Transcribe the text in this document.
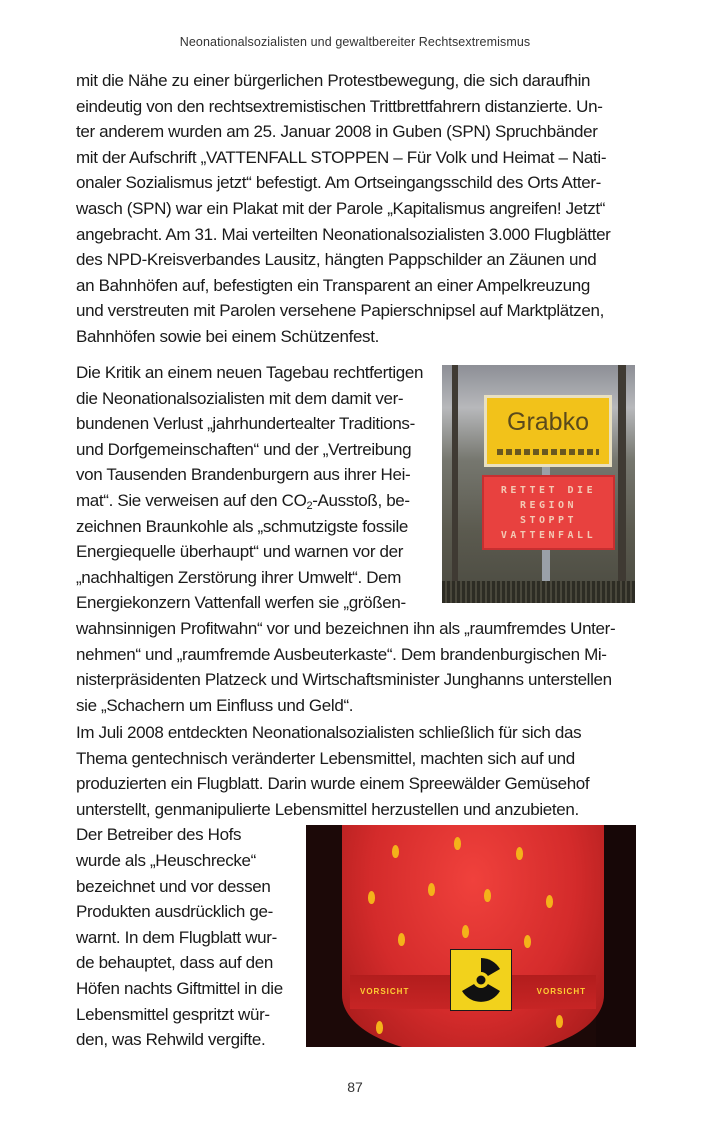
Neonationalsozialisten und gewaltbereiter Rechtsextremismus
mit die Nähe zu einer bürgerlichen Protestbewegung, die sich daraufhin
eindeutig von den rechtsextremistischen Trittbrettfahrern distanzierte. Un-
ter anderem wurden am 25. Januar 2008 in Guben (SPN) Spruchbänder
mit der Aufschrift „VATTENFALL STOPPEN – Für Volk und Heimat – Nati-
onaler Sozialismus jetzt“ befestigt. Am Ortseingangsschild des Orts Atter-
wasch (SPN) war ein Plakat mit der Parole „Kapitalismus angreifen! Jetzt“
angebracht. Am 31. Mai verteilten Neonationalsozialisten 3.000 Flugblätter
des NPD-Kreisverbandes Lausitz, hängten Pappschilder an Zäunen und
an Bahnhöfen auf, befestigten ein Transparent an einer Ampelkreuzung
und verstreuten mit Parolen versehene Papierschnipsel auf Marktplätzen,
Bahnhöfen sowie bei einem Schützenfest.
Die Kritik an einem neuen Tagebau rechtfertigen
die Neonationalsozialisten mit dem damit ver-
bundenen Verlust „jahrhundertealter Traditions-
und Dorfgemeinschaften“ und der „Vertreibung
von Tausenden Brandenburgern aus ihrer Hei-
mat“. Sie verweisen auf den $CO_2$-Ausstoß, be-
zeichnen Braunkohle als „schmutzigste fossile
Energiequelle überhaupt“ und warnen vor der
„nachhaltigen Zerstörung ihrer Umwelt“. Dem
Energiekonzern Vattenfall werfen sie „größen-
wahnsinnigen Profitwahn“ vor und bezeichnen ihn als „raumfremdes Unter-
nehmen“ und „raumfremde Ausbeuterkaste“. Dem brandenburgischen Mi-
nisterpräsidenten Platzeck und Wirtschaftsminister Junghanns unterstellen
sie „Schachern um Einfluss und Geld“.
Grabko
RETTET DIE
REGION
STOPPT
VATTENFALL
Im Juli 2008 entdeckten Neonationalsozialisten schließlich für sich das
Thema gentechnisch veränderter Lebensmittel, machten sich auf und
produzierten ein Flugblatt. Darin wurde einem Spreewälder Gemüsehof
unterstellt, genmanipulierte Lebensmittel herzustellen und anzubieten.
Der Betreiber des Hofs
wurde als „Heuschrecke“
bezeichnet und vor dessen
Produkten ausdrücklich ge-
warnt. In dem Flugblatt wur-
de behauptet, dass auf den
Höfen nachts Giftmittel in die
Lebensmittel gespritzt wür-
den, was Rehwild vergifte.
VORSICHT	VORSICHT
87
